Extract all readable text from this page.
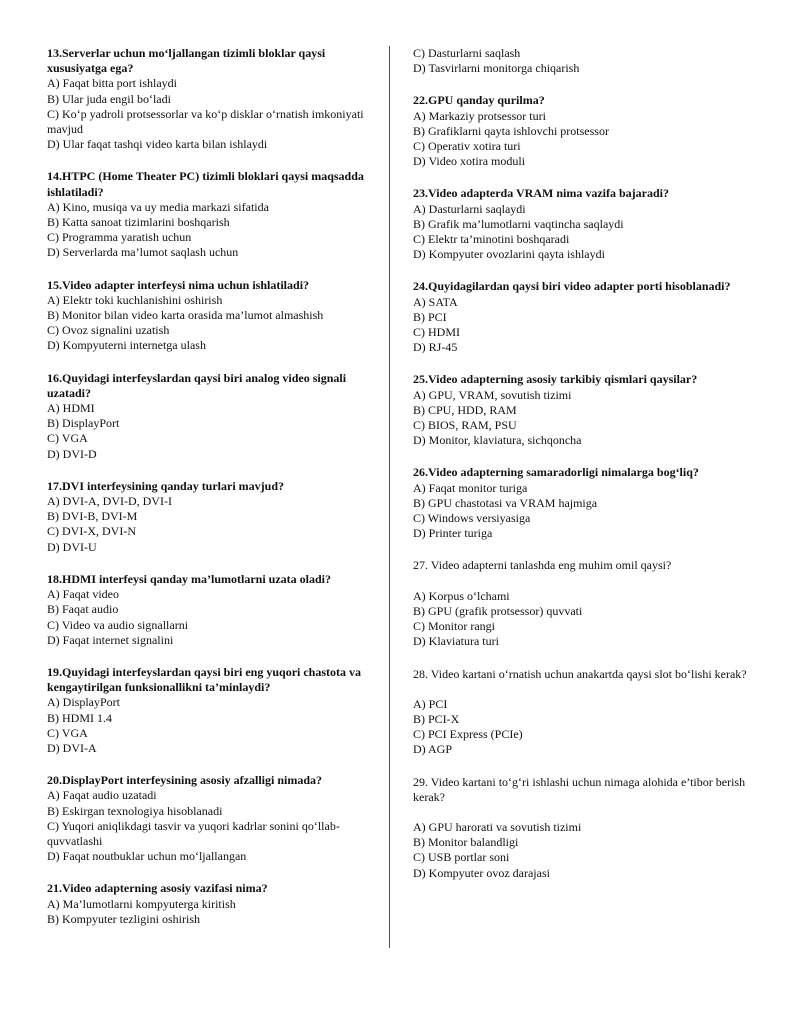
13.Serverlar uchun mo‘ljallangan tizimli bloklar qaysi xususiyatga ega?

A) Faqat bitta port ishlaydi

B) Ular juda engil bo‘ladi

C) Ko‘p yadroli protsessorlar va ko‘p disklar o‘rnatish imkoniyati mavjud

D) Ular faqat tashqi video karta bilan ishlaydi

14.HTPC (Home Theater PC) tizimli bloklari qaysi maqsadda ishlatiladi?

A) Kino, musiqa va uy media markazi sifatida

B) Katta sanoat tizimlarini boshqarish

C) Programma yaratish uchun

D) Serverlarda ma’lumot saqlash uchun

15.Video adapter interfeysi nima uchun ishlatiladi?

A) Elektr toki kuchlanishini oshirish

B) Monitor bilan video karta orasida ma’lumot almashish

C) Ovoz signalini uzatish

D) Kompyuterni internetga ulash

16.Quyidagi interfeyslardan qaysi biri analog video signali uzatadi?

A) HDMI

B) DisplayPort

C) VGA

D) DVI-D

17.DVI interfeysining qanday turlari mavjud?

A) DVI-A, DVI-D, DVI-I

B) DVI-B, DVI-M

C) DVI-X, DVI-N

D) DVI-U

18.HDMI interfeysi qanday ma’lumotlarni uzata oladi?

A) Faqat video

B) Faqat audio

C) Video va audio signallarni

D) Faqat internet signalini

19.Quyidagi interfeyslardan qaysi biri eng yuqori chastota va kengaytirilgan funksionallikni ta’minlaydi?

A) DisplayPort

B) HDMI 1.4

C) VGA

D) DVI-A

20.DisplayPort interfeysining asosiy afzalligi nimada?

A) Faqat audio uzatadi

B) Eskirgan texnologiya hisoblanadi

C) Yuqori aniqlikdagi tasvir va yuqori kadrlar sonini qo‘llab-quvvatlashi

D) Faqat noutbuklar uchun mo‘ljallangan

21.Video adapterning asosiy vazifasi nima?

A) Ma’lumotlarni kompyuterga kiritish

B) Kompyuter tezligini oshirish

C) Dasturlarni saqlash

D) Tasvirlarni monitorga chiqarish

22.GPU qanday qurilma?

A) Markaziy protsessor turi

B) Grafiklarni qayta ishlovchi protsessor

C) Operativ xotira turi

D) Video xotira moduli

23.Video adapterda VRAM nima vazifa bajaradi?

A) Dasturlarni saqlaydi

B) Grafik ma’lumotlarni vaqtincha saqlaydi

C) Elektr ta’minotini boshqaradi

D) Kompyuter ovozlarini qayta ishlaydi

24.Quyidagilardan qaysi biri video adapter porti hisoblanadi?

A) SATA

B) PCI

C) HDMI

D) RJ-45

25.Video adapterning asosiy tarkibiy qismlari qaysilar?

A) GPU, VRAM, sovutish tizimi

B) CPU, HDD, RAM

C) BIOS, RAM, PSU

D) Monitor, klaviatura, sichqoncha

26.Video adapterning samaradorligi nimalarga bog‘liq?

A) Faqat monitor turiga

B) GPU chastotasi va VRAM hajmiga

C) Windows versiyasiga

D) Printer turiga

27. Video adapterni tanlashda eng muhim omil qaysi?

A) Korpus o‘lchami

B) GPU (grafik protsessor) quvvati

C) Monitor rangi

D) Klaviatura turi

28. Video kartani o‘rnatish uchun anakartda qaysi slot bo‘lishi kerak?

A) PCI

B) PCI-X

C) PCI Express (PCIe)

D) AGP

29. Video kartani to‘g‘ri ishlashi uchun nimaga alohida e’tibor berish kerak?

A) GPU harorati va sovutish tizimi

B) Monitor balandligi

C) USB portlar soni

D) Kompyuter ovoz darajasi
